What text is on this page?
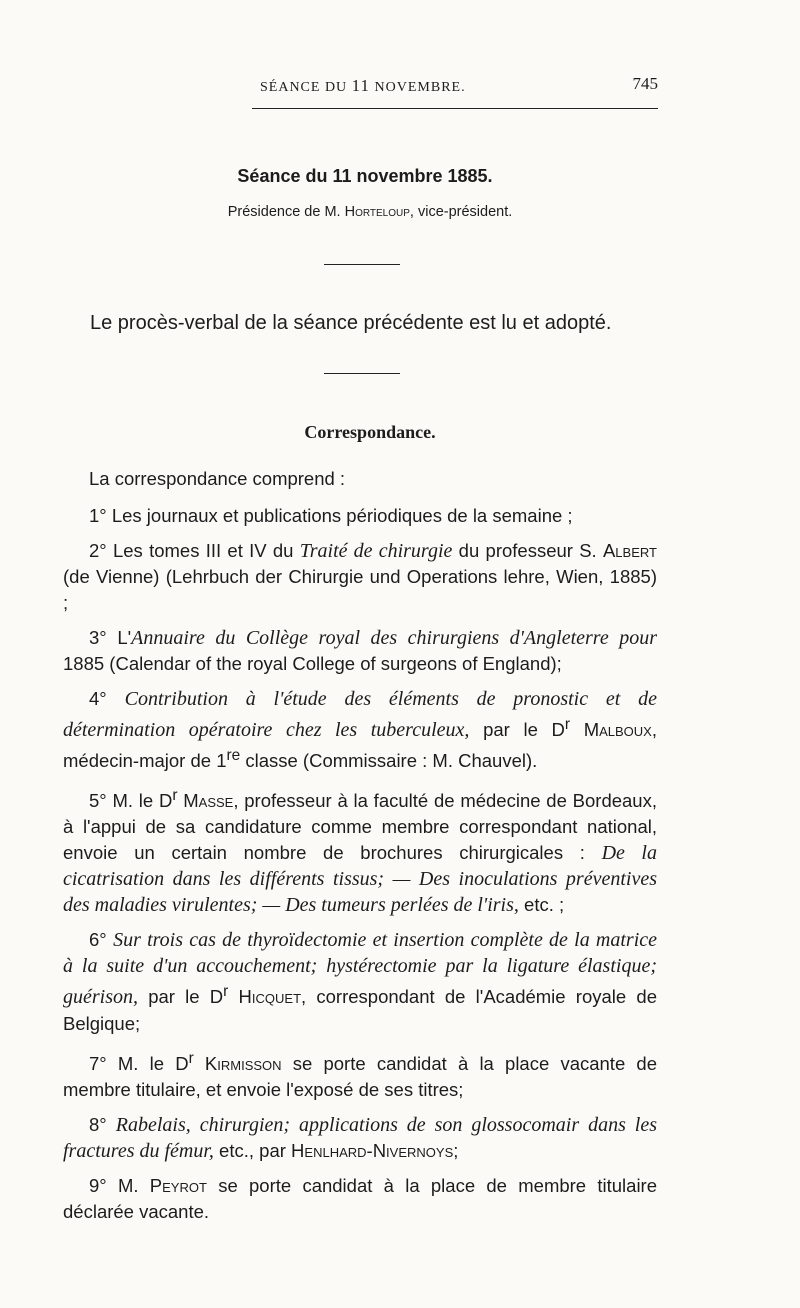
SÉANCE DU 11 NOVEMBRE.	745
Séance du 11 novembre 1885.
Présidence de M. Horteloup, vice-président.
Le procès-verbal de la séance précédente est lu et adopté.
Correspondance.

La correspondance comprend :

1° Les journaux et publications périodiques de la semaine ;

2° Les tomes III et IV du Traité de chirurgie du professeur S. Albert (de Vienne) (Lehrbuch der Chirurgie und Operations lehre, Wien, 1885) ;

3° L'Annuaire du Collège royal des chirurgiens d'Angleterre pour 1885 (Calendar of the royal College of surgeons of England);

4° Contribution à l'étude des éléments de pronostic et de détermination opératoire chez les tuberculeux, par le $D^r$ Malboux, médecin-major de 1re classe (Commissaire : M. Chauvel).

5° M. le $D^r$ Masse, professeur à la faculté de médecine de Bordeaux, à l'appui de sa candidature comme membre correspondant national, envoie un certain nombre de brochures chirurgicales : De la cicatrisation dans les différents tissus; — Des inoculations préventives des maladies virulentes; — Des tumeurs perlées de l'iris, etc. ;

6° Sur trois cas de thyroïdectomie et insertion complète de la matrice à la suite d'un accouchement; hystérectomie par la ligature élastique; guérison, par le $D^r$ Hicquet, correspondant de l'Académie royale de Belgique;

7° M. le $D^r$ Kirmisson se porte candidat à la place vacante de membre titulaire, et envoie l'exposé de ses titres;

8° Rabelais, chirurgien; applications de son glossocomair dans les fractures du fémur, etc., par Henlhard-Nivernoys;

9° M. Peyrot se porte candidat à la place de membre titulaire déclarée vacante.
